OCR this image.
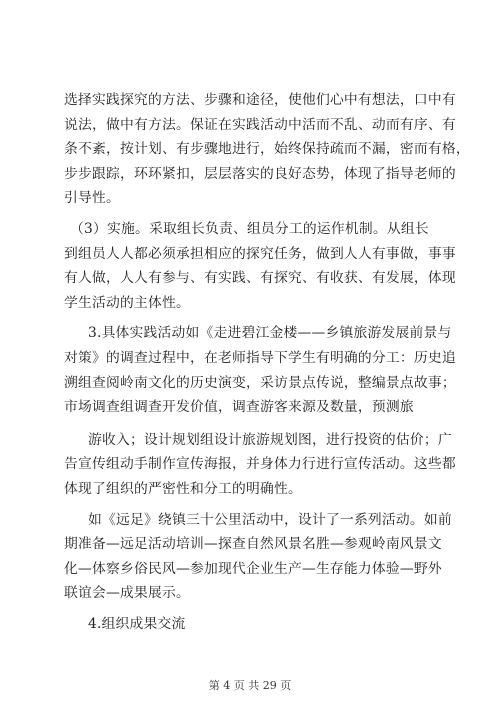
选择实践探究的方法、步骤和途径，使他们心中有想法，口中有
说法，做中有方法。保证在实践活动中活而不乱、动而有序、有
条不紊，按计划、有步骤地进行，始终保持疏而不漏，密而有格，
步步跟踪，环环紧扣，层层落实的良好态势，体现了指导老师的
引导性。
（3）实施。采取组长负责、组员分工的运作机制。从组长
到组员人人都必须承担相应的探究任务，做到人人有事做，事事
有人做，人人有参与、有实践、有探究、有收获、有发展，体现
学生活动的主体性。
3.具体实践活动如《走进碧江金楼——乡镇旅游发展前景与
对策》的调查过程中，在老师指导下学生有明确的分工：历史追
溯组查阅岭南文化的历史演变，采访景点传说，整编景点故事；
市场调查组调查开发价值，调查游客来源及数量，预测旅
游收入；设计规划组设计旅游规划图，进行投资的估价；广
告宣传组动手制作宣传海报，并身体力行进行宣传活动。这些都
体现了组织的严密性和分工的明确性。
如《远足》绕镇三十公里活动中，设计了一系列活动。如前
期准备—远足活动培训—探查自然风景名胜—参观岭南风景文
化—体察乡俗民风—参加现代企业生产—生存能力体验—野外
联谊会—成果展示。
4.组织成果交流
第 4 页 共 29 页
